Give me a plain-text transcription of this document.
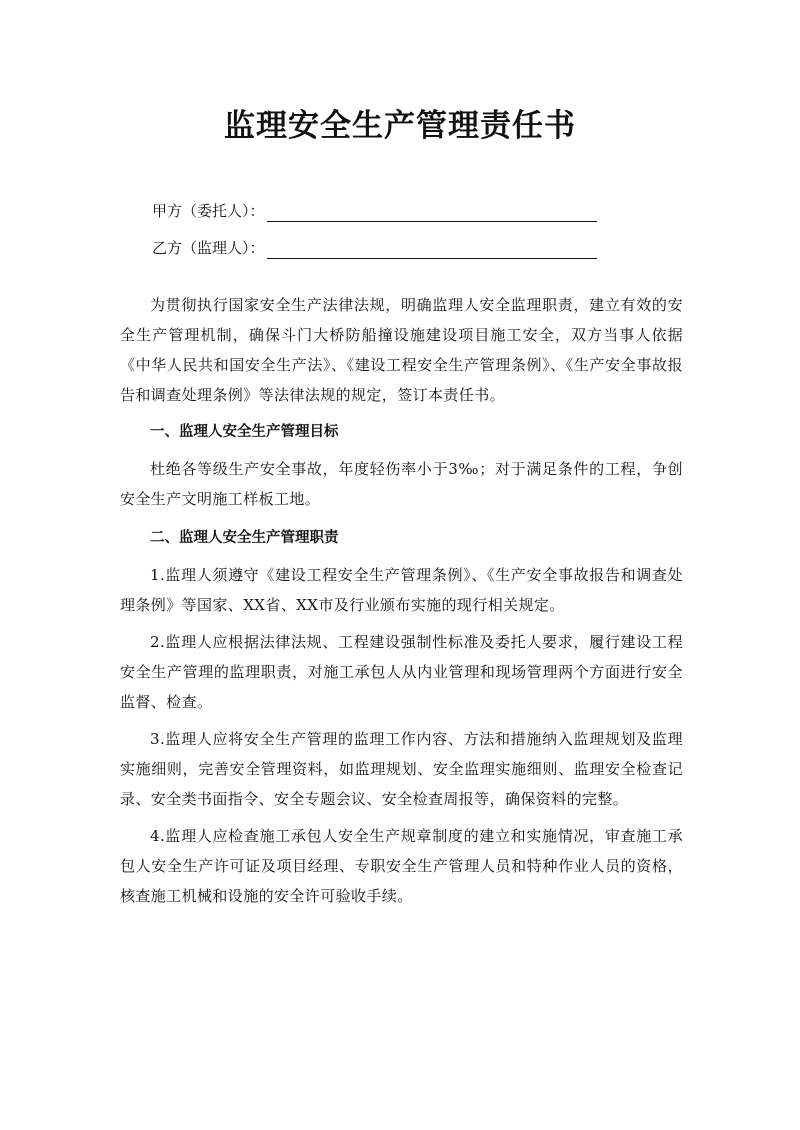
监理安全生产管理责任书
甲方（委托人）：
乙方（监理人）：

为贯彻执行国家安全生产法律法规，明确监理人安全监理职责，建立有效的安全生产管理机制，确保斗门大桥防船撞设施建设项目施工安全，双方当事人依据《中华人民共和国安全生产法》、《建设工程安全生产管理条例》、《生产安全事故报告和调查处理条例》等法律法规的规定，签订本责任书。

一、监理人安全生产管理目标

杜绝各等级生产安全事故，年度轻伤率小于3‰；对于满足条件的工程，争创安全生产文明施工样板工地。

二、监理人安全生产管理职责

1.监理人须遵守《建设工程安全生产管理条例》、《生产安全事故报告和调查处理条例》等国家、XX省、XX市及行业颁布实施的现行相关规定。

2.监理人应根据法律法规、工程建设强制性标准及委托人要求，履行建设工程安全生产管理的监理职责，对施工承包人从内业管理和现场管理两个方面进行安全监督、检查。

3.监理人应将安全生产管理的监理工作内容、方法和措施纳入监理规划及监理实施细则，完善安全管理资料，如监理规划、安全监理实施细则、监理安全检查记录、安全类书面指令、安全专题会议、安全检查周报等，确保资料的完整。

4.监理人应检查施工承包人安全生产规章制度的建立和实施情况，审查施工承包人安全生产许可证及项目经理、专职安全生产管理人员和特种作业人员的资格，核查施工机械和设施的安全许可验收手续。
